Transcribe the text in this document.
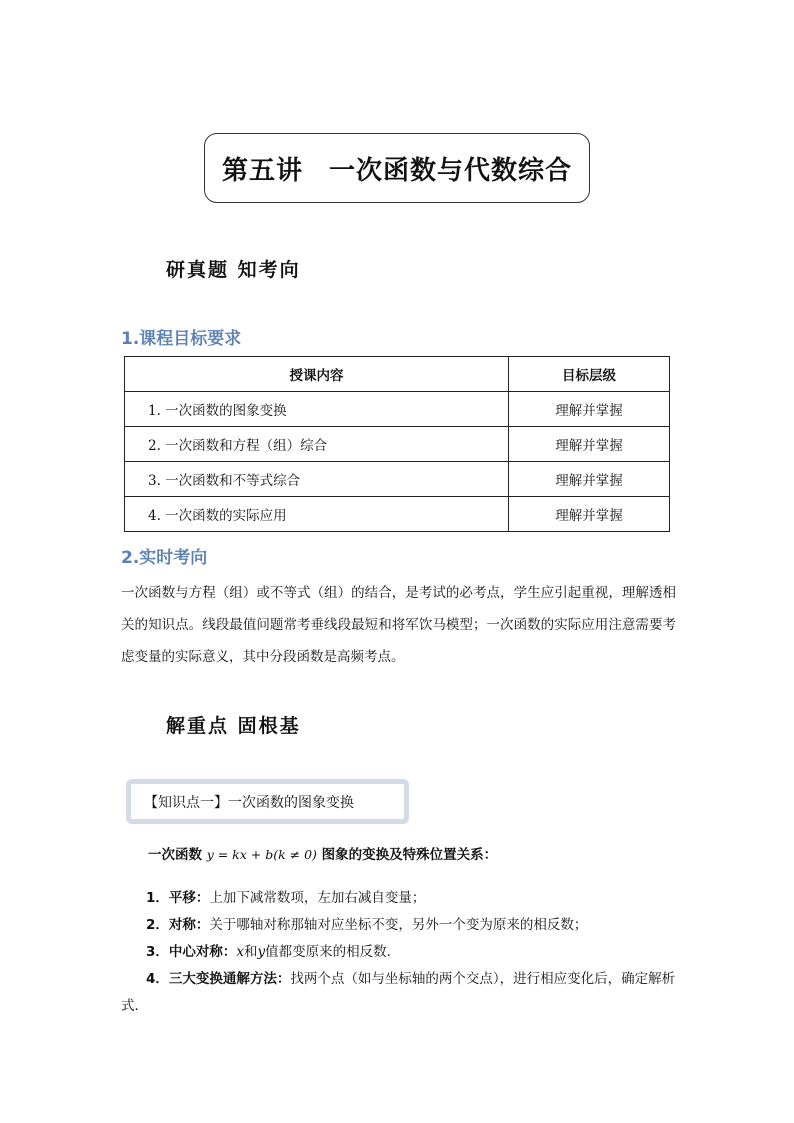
第五讲 一次函数与代数综合
研真题 知考向
1.课程目标要求
授课内容	目标层级
1. 一次函数的图象变换	理解并掌握
2. 一次函数和方程（组）综合	理解并掌握
3. 一次函数和不等式综合	理解并掌握
4. 一次函数的实际应用	理解并掌握
2.实时考向
一次函数与方程（组）或不等式（组）的结合，是考试的必考点，学生应引起重视，理解透相关的知识点。线段最值问题常考垂线段最短和将军饮马模型；一次函数的实际应用注意需要考虑变量的实际意义，其中分段函数是高频考点。
解重点 固根基
【知识点一】一次函数的图象变换
一次函数 y = kx + b(k ≠ 0) 图象的变换及特殊位置关系：
1．平移：上加下减常数项，左加右减自变量；
2．对称：关于哪轴对称那轴对应坐标不变，另外一个变为原来的相反数；
3．中心对称：x和y值都变原来的相反数．
4．三大变换通解方法：找两个点（如与坐标轴的两个交点），进行相应变化后，确定解析式．
